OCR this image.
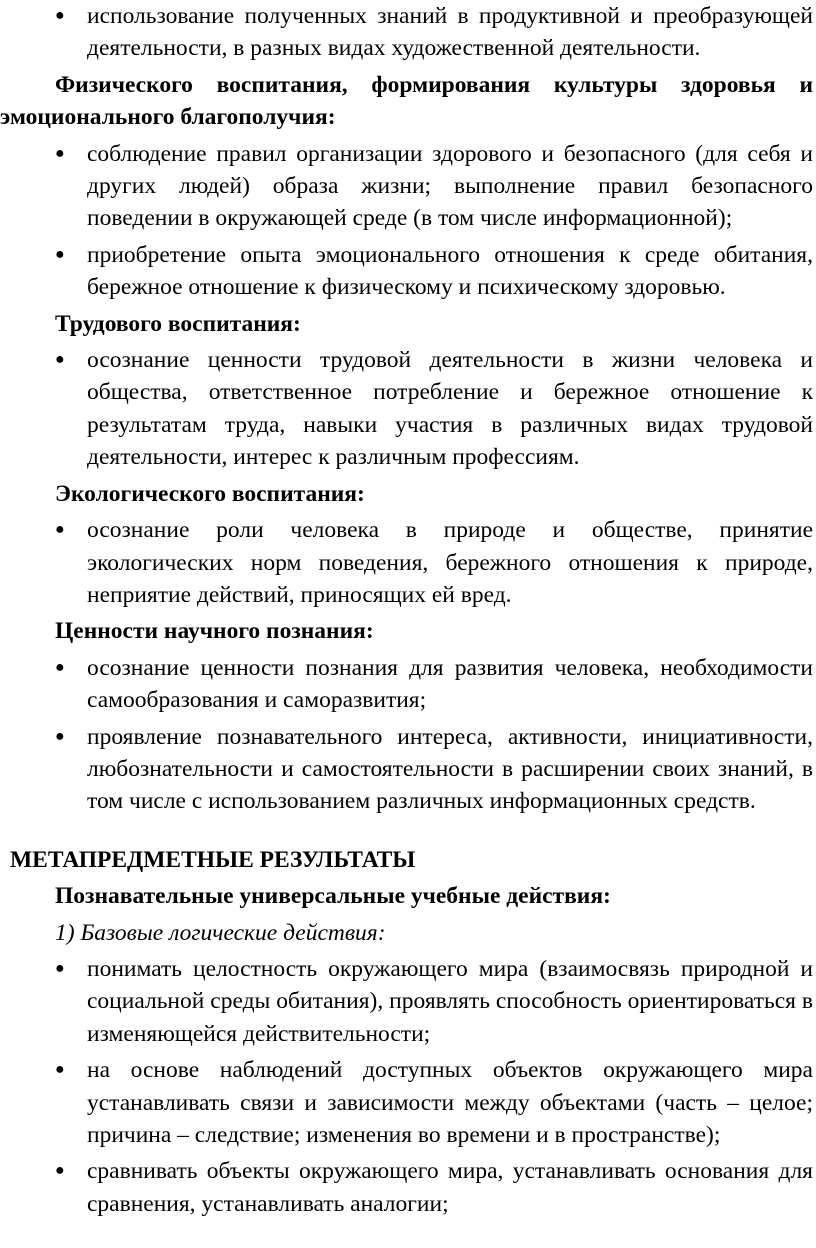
● использование полученных знаний в продуктивной и преобразующей деятельности, в разных видах художественной деятельности.
Физического воспитания, формирования культуры здоровья и эмоционального благополучия:
● соблюдение правил организации здорового и безопасного (для себя и других людей) образа жизни; выполнение правил безопасного поведении в окружающей среде (в том числе информационной);
● приобретение опыта эмоционального отношения к среде обитания, бережное отношение к физическому и психическому здоровью.
Трудового воспитания:
● осознание ценности трудовой деятельности в жизни человека и общества, ответственное потребление и бережное отношение к результатам труда, навыки участия в различных видах трудовой деятельности, интерес к различным профессиям.
Экологического воспитания:
● осознание роли человека в природе и обществе, принятие экологических норм поведения, бережного отношения к природе, неприятие действий, приносящих ей вред.
Ценности научного познания:
● осознание ценности познания для развития человека, необходимости самообразования и саморазвития;
● проявление познавательного интереса, активности, инициативности, любознательности и самостоятельности в расширении своих знаний, в том числе с использованием различных информационных средств.
МЕТАПРЕДМЕТНЫЕ РЕЗУЛЬТАТЫ
Познавательные универсальные учебные действия:
1) Базовые логические действия:
● понимать целостность окружающего мира (взаимосвязь природной и социальной среды обитания), проявлять способность ориентироваться в изменяющейся действительности;
● на основе наблюдений доступных объектов окружающего мира устанавливать связи и зависимости между объектами (часть – целое; причина – следствие; изменения во времени и в пространстве);
● сравнивать объекты окружающего мира, устанавливать основания для сравнения, устанавливать аналогии;
